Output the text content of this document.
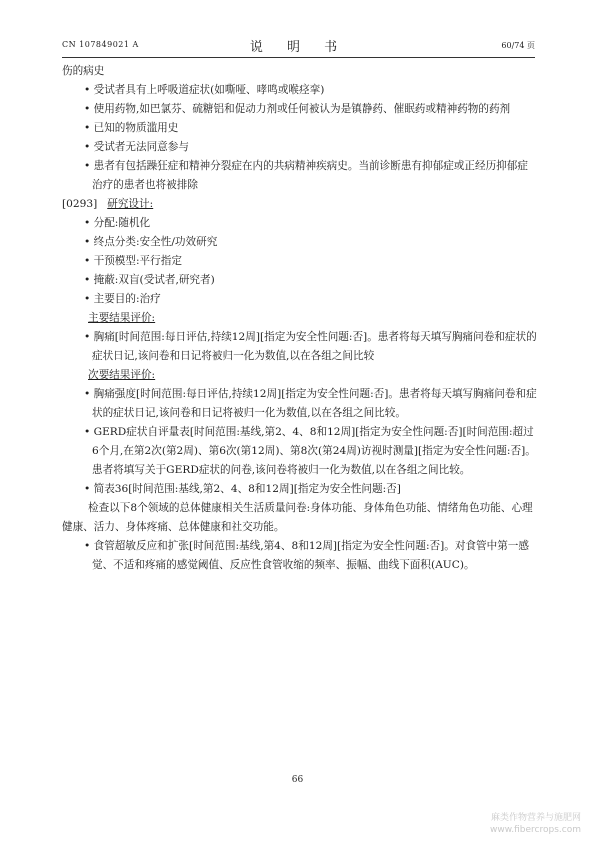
CN 107849021 A	说 明 书	60/74 页

伤的病史

• 受试者具有上呼吸道症状(如嘶哑、哮鸣或喉痉挛)

• 使用药物,如巴氯芬、硫糖铝和促动力剂或任何被认为是镇静药、催眠药或精神药物的药剂

• 已知的物质滥用史

• 受试者无法同意参与

• 患者有包括躁狂症和精神分裂症在内的共病精神疾病史。当前诊断患有抑郁症或正经历抑郁症治疗的患者也将被排除

[0293] 研究设计:

• 分配:随机化

• 终点分类:安全性/功效研究

• 干预模型:平行指定

• 掩蔽:双盲(受试者,研究者)

• 主要目的:治疗

主要结果评价:

• 胸痛[时间范围:每日评估,持续12周][指定为安全性问题:否]。患者将每天填写胸痛问卷和症状的症状日记,该问卷和日记将被归一化为数值,以在各组之间比较

次要结果评价:

• 胸痛强度[时间范围:每日评估,持续12周][指定为安全性问题:否]。患者将每天填写胸痛问卷和症状的症状日记,该问卷和日记将被归一化为数值,以在各组之间比较。

• GERD症状自评量表[时间范围:基线,第2、4、8和12周][指定为安全性问题:否][时间范围:超过6个月,在第2次(第2周)、第6次(第12周)、第8次(第24周)访视时测量][指定为安全性问题:否]。患者将填写关于GERD症状的问卷,该问卷将被归一化为数值,以在各组之间比较。

• 简表36[时间范围:基线,第2、4、8和12周][指定为安全性问题:否]

检查以下8个领域的总体健康相关生活质量问卷:身体功能、身体角色功能、情绪角色功能、心理健康、活力、身体疼痛、总体健康和社交功能。

• 食管超敏反应和扩张[时间范围:基线,第4、8和12周][指定为安全性问题:否]。对食管中第一感觉、不适和疼痛的感觉阈值、反应性食管收缩的频率、振幅、曲线下面积(AUC)。

66
麻类作物营养与施肥网
www.fibercrops.com
